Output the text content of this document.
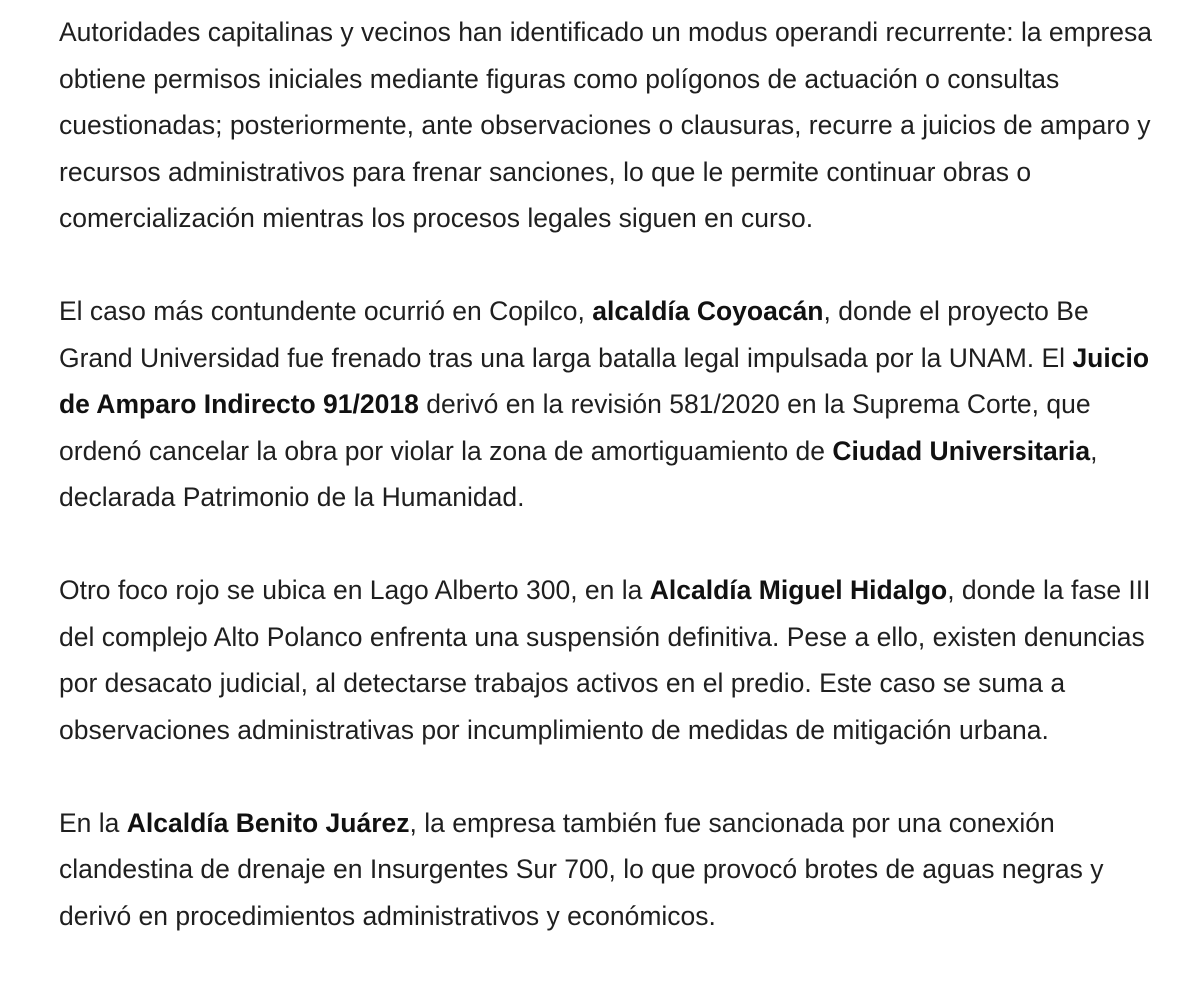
Autoridades capitalinas y vecinos han identificado un modus operandi recurrente: la empresa obtiene permisos iniciales mediante figuras como polígonos de actuación o consultas cuestionadas; posteriormente, ante observaciones o clausuras, recurre a juicios de amparo y recursos administrativos para frenar sanciones, lo que le permite continuar obras o comercialización mientras los procesos legales siguen en curso.

El caso más contundente ocurrió en Copilco, alcaldía Coyoacán, donde el proyecto Be Grand Universidad fue frenado tras una larga batalla legal impulsada por la UNAM. El Juicio de Amparo Indirecto 91/2018 derivó en la revisión 581/2020 en la Suprema Corte, que ordenó cancelar la obra por violar la zona de amortiguamiento de Ciudad Universitaria, declarada Patrimonio de la Humanidad.

Otro foco rojo se ubica en Lago Alberto 300, en la Alcaldía Miguel Hidalgo, donde la fase III del complejo Alto Polanco enfrenta una suspensión definitiva. Pese a ello, existen denuncias por desacato judicial, al detectarse trabajos activos en el predio. Este caso se suma a observaciones administrativas por incumplimiento de medidas de mitigación urbana.

En la Alcaldía Benito Juárez, la empresa también fue sancionada por una conexión clandestina de drenaje en Insurgentes Sur 700, lo que provocó brotes de aguas negras y derivó en procedimientos administrativos y económicos.
